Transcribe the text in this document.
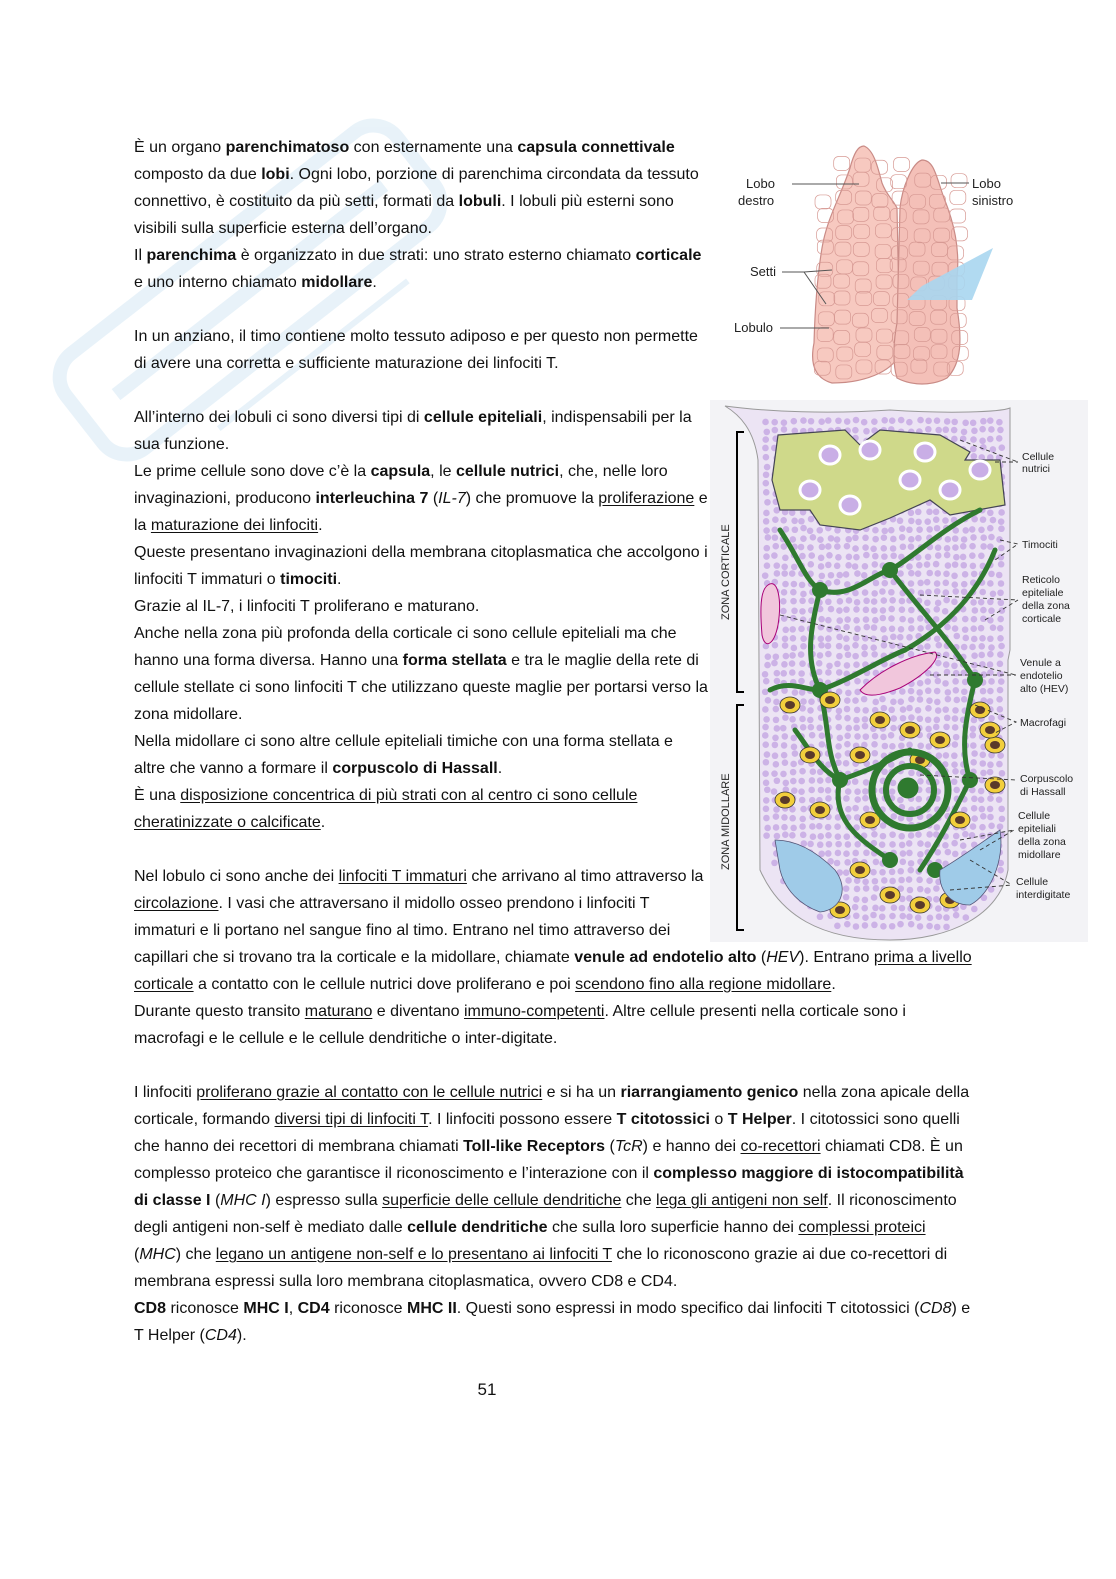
È un organo parenchimatoso con esternamente una capsula connettivale composto da due lobi. Ogni lobo, porzione di parenchima circondata da tessuto connettivo, è costituito da più setti, formati da lobuli. I lobuli più esterni sono visibili sulla superficie esterna dell’organo.

Il parenchima è organizzato in due strati: uno strato esterno chiamato corticale e uno interno chiamato midollare.

In un anziano, il timo contiene molto tessuto adiposo e per questo non permette di avere una corretta e sufficiente maturazione dei linfociti T.

All’interno dei lobuli ci sono diversi tipi di cellule epiteliali, indispensabili per la sua funzione.

Le prime cellule sono dove c’è la capsula, le cellule nutrici, che, nelle loro invaginazioni, producono interleuchina 7 (IL-7) che promuove la proliferazione e la maturazione dei linfociti.

Queste presentano invaginazioni della membrana citoplasmatica che accolgono i linfociti T immaturi o timociti.

Grazie al IL-7, i linfociti T proliferano e maturano.

Anche nella zona più profonda della corticale ci sono cellule epiteliali ma che hanno una forma diversa. Hanno una forma stellata e tra le maglie della rete di cellule stellate ci sono linfociti T che utilizzano queste maglie per portarsi verso la zona midollare.

Nella midollare ci sono altre cellule epiteliali timiche con una forma stellata e altre che vanno a formare il corpuscolo di Hassall.

È una disposizione concentrica di più strati con al centro ci sono cellule cheratinizzate o calcificate.

Nel lobulo ci sono anche dei linfociti T immaturi che arrivano al timo attraverso la circolazione. I vasi che attraversano il midollo osseo prendono i linfociti T immaturi e li portano nel sangue fino al timo. Entrano nel timo attraverso dei capillari che si trovano tra la corticale e la midollare, chiamate venule ad endotelio alto (HEV). Entrano prima a livello corticale a contatto con le cellule nutrici dove proliferano e poi scendono fino alla regione midollare.

Durante questo transito maturano e diventano immuno-competenti. Altre cellule presenti nella corticale sono i macrofagi e le cellule e le cellule dendritiche o inter-digitate.

I linfociti proliferano grazie al contatto con le cellule nutrici e si ha un riarrangiamento genico nella zona apicale della corticale, formando diversi tipi di linfociti T. I linfociti possono essere T citotossici o T Helper. I citotossici sono quelli che hanno dei recettori di membrana chiamati Toll-like Receptors (TcR) e hanno dei co-recettori chiamati CD8. È un complesso proteico che garantisce il riconoscimento e l’interazione con il complesso maggiore di istocompatibilità di classe I (MHC I) espresso sulla superficie delle cellule dendritiche che lega gli antigeni non self. Il riconoscimento degli antigeni non-self è mediato dalle cellule dendritiche che sulla loro superficie hanno dei complessi proteici (MHC) che legano un antigene non-self e lo presentano ai linfociti T che lo riconoscono grazie ai due co-recettori di membrana espressi sulla loro membrana citoplasmatica, ovvero CD8 e CD4.

CD8 riconosce MHC I, CD4 riconosce MHC II. Questi sono espressi in modo specifico dai linfociti T citotossici (CD8) e T Helper (CD4).

51
Lobo
destro
Lobo
sinistro
Setti
Lobulo
ZONA CORTICALE
ZONA MIDOLLARE
Cellule
nutrici
Timociti
Reticolo
epiteliale
della zona
corticale
Venule a
endotelio
alto (HEV)
Macrofagi
Corpuscolo
di Hassall
Cellule
epiteliali
della zona
midollare
Cellule
interdigitate
